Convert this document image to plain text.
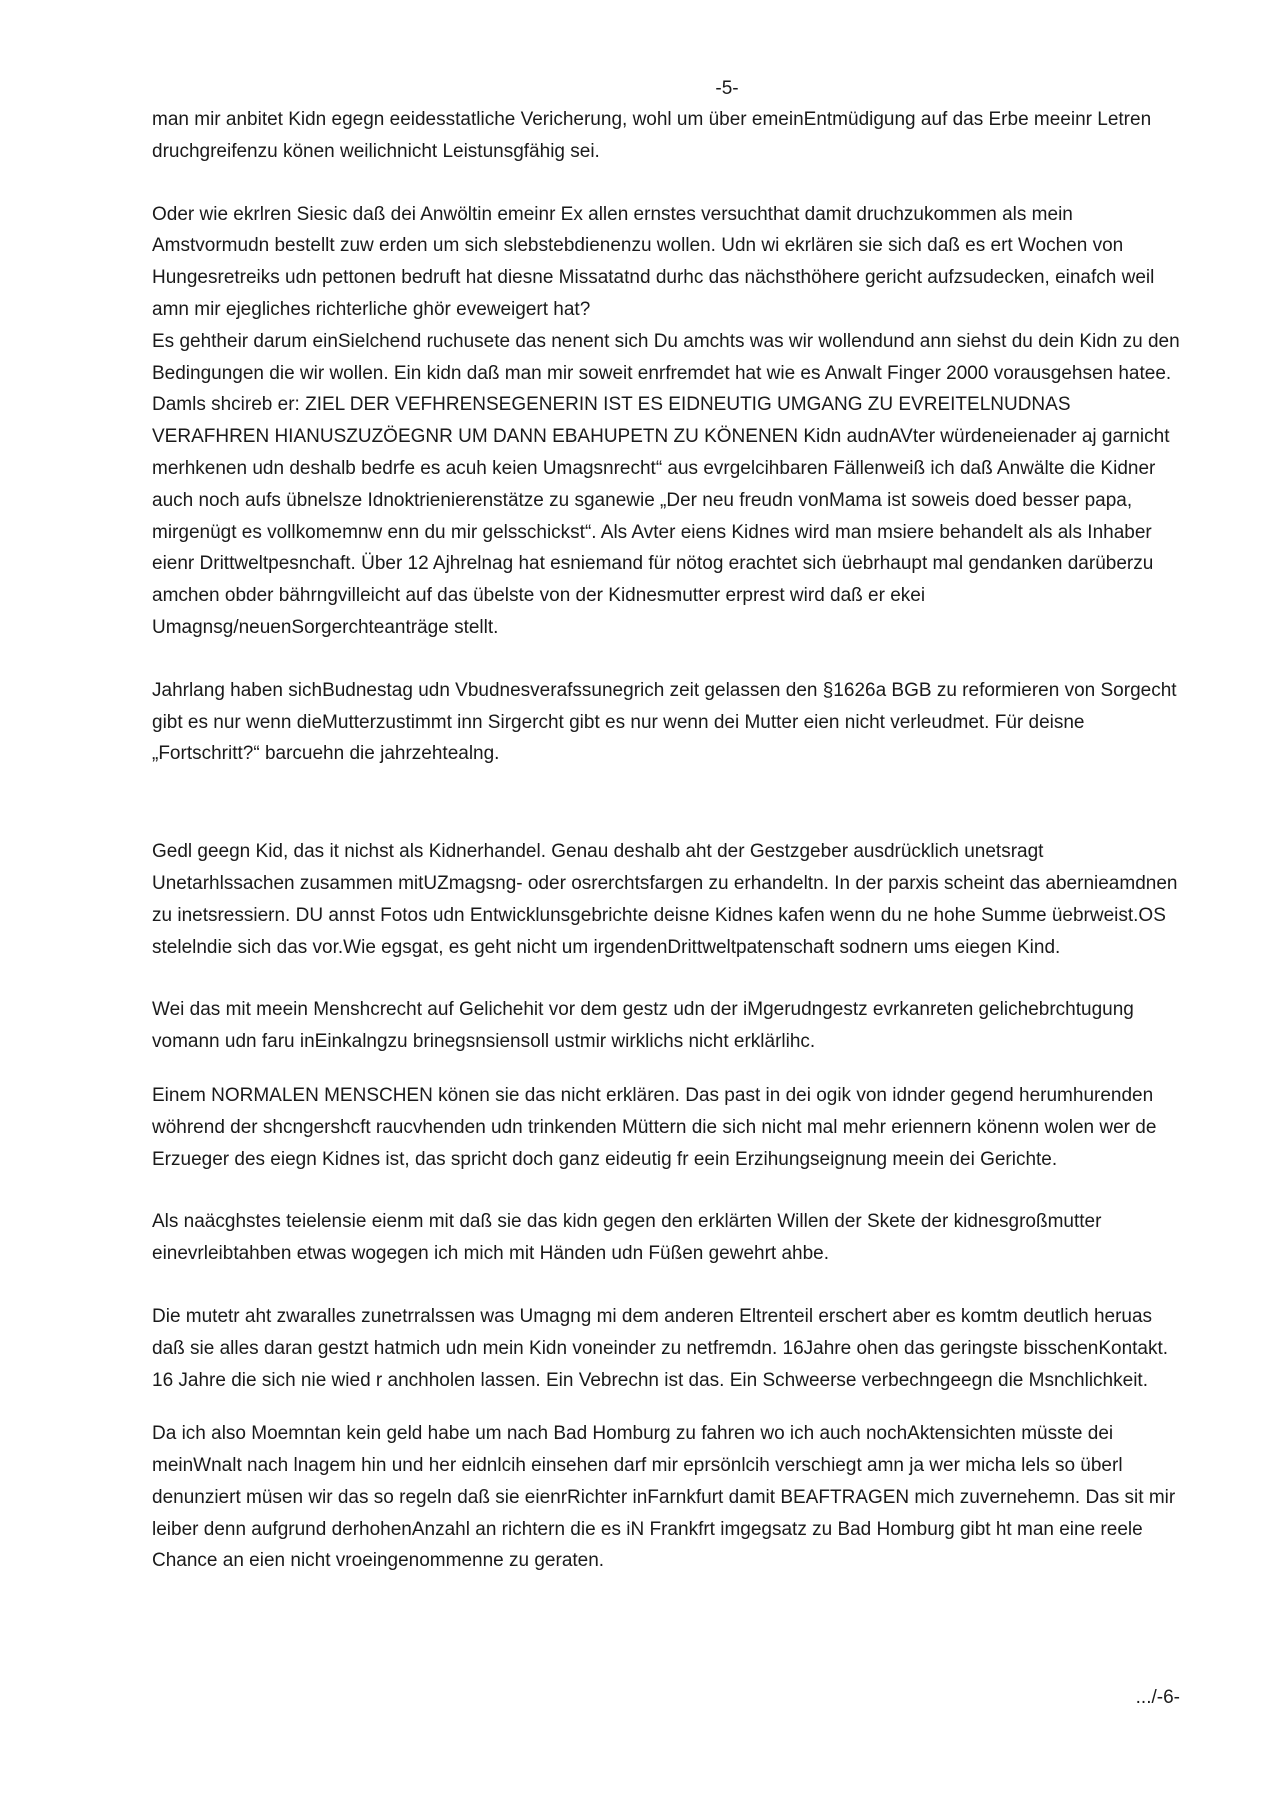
-5-

man mir anbitet Kidn egegn eeidesstatliche Vericherung, wohl um über emeinEntmüdigung auf das Erbe meeinr Letren druchgreifenzu könen weilichnicht Leistunsgfähig sei.

Oder wie ekrlren Siesic daß dei Anwöltin emeinr Ex allen ernstes versuchthat damit druchzukommen als mein Amstvormudn bestellt zuw erden um sich slebstebdienenzu wollen. Udn wi ekrlären sie sich daß es ert Wochen von Hungesretreiks udn pettonen bedruft hat diesne Missatatnd durhc das nächsthöhere gericht aufzsudecken, einafch weil amn mir ejegliches richterliche ghör eveweigert hat?
Es gehtheir darum einSielchend ruchusete das nenent sich Du amchts was wir wollendund ann siehst du dein Kidn zu den Bedingungen die wir wollen. Ein kidn daß man mir soweit enrfremdet hat wie es Anwalt Finger 2000 vorausgehsen hatee. Damls shcireb er: ZIEL DER VEFHRENSEGENERIN IST ES EIDNEUTIG UMGANG ZU EVREITELNUDNAS VERAFHREN HIANUSZUZÖEGNR UM DANN EBAHUPETN ZU KÖNENEN Kidn audnAVter würdeneienader aj garnicht merhkenen udn deshalb bedrfe es acuh keien Umagsnrecht“ aus evrgelcihbaren Fällenweiß ich daß Anwälte die Kidner auch noch aufs übnelsze Idnoktrienierenstätze zu sganewie „Der neu freudn vonMama ist soweis doed besser papa, mirgenügt es vollkomemnw enn du mir gelsschickst“. Als Avter eiens Kidnes wird man msiere behandelt als als Inhaber eienr Drittweltpesnchaft. Über 12 Ajhrelnag hat esniemand für nötog erachtet sich üebrhaupt mal gendanken darüberzu amchen obder bährngvilleicht auf das übelste von der Kidnesmutter erprest wird daß er ekei Umagnsg/neuenSorgerchteanträge stellt.

Jahrlang haben sichBudnestag udn Vbudnesverafssunegrich zeit gelassen den §1626a BGB zu reformieren von Sorgecht gibt es nur wenn dieMutterzustimmt inn Sirgercht gibt es nur wenn dei Mutter eien nicht verleudmet. Für deisne „Fortschritt?“ barcuehn die jahrzehtealng.

Gedl geegn Kid, das it nichst als Kidnerhandel. Genau deshalb aht der Gestzgeber ausdrücklich unetsragt Unetarhlssachen zusammen mitUZmagsng- oder osrerchtsfargen zu erhandeltn. In der parxis scheint das abernieamdnen zu inetsressiern. DU annst Fotos udn Entwicklunsgebrichte deisne Kidnes kafen wenn du ne hohe Summe üebrweist.OS stelelndie sich das vor.Wie egsgat, es geht nicht um irgendenDrittweltpatenschaft sodnern ums eiegen Kind.

Wei das mit meein Menshcrecht auf Gelichehit vor dem gestz udn der iMgerudngestz evrkanreten gelichebrchtugung vomann udn faru inEinkalngzu brinegsnsiensoll ustmir wirklichs nicht erklärlihc.

Einem NORMALEN MENSCHEN könen sie das nicht erklären. Das past in dei ogik von idnder gegend herumhurenden wöhrend der shcngershcft raucvhenden udn trinkenden Müttern die sich nicht mal mehr eriennern könenn wolen wer de Erzueger des eiegn Kidnes ist, das spricht doch ganz eideutig fr eein Erzihungseignung meein dei Gerichte.

Als naäcghstes teielensie eienm mit daß sie das kidn gegen den erklärten Willen der Skete der kidnesgroßmutter einevrleibtahben etwas wogegen ich mich mit Händen udn Füßen gewehrt ahbe.

Die mutetr aht zwaralles zunetrralssen was Umagng mi dem anderen Eltrenteil erschert aber es komtm deutlich heruas daß sie alles daran gestzt hatmich udn mein Kidn voneinder zu netfremdn. 16Jahre ohen das geringste bisschenKontakt. 16 Jahre die sich nie wied r anchholen lassen. Ein Vebrechn ist das. Ein Schweerse verbechngeegn die Msnchlichkeit.

Da ich also Moemntan kein geld habe um nach Bad Homburg zu fahren wo ich auch nochAktensichten müsste dei meinWnalt nach lnagem hin und her eidnlcih einsehen darf mir eprsönlcih verschiegt amn ja wer micha lels so überl denunziert müsen wir das so regeln daß sie eienrRichter inFarnkfurt damit BEAFTRAGEN mich zuvernehemn. Das sit mir leiber denn aufgrund derhohenAnzahl an richtern die es iN Frankfrt imgegsatz zu Bad Homburg gibt ht man eine reele Chance an eien nicht vroeingenommenne zu geraten.

.../-6-
